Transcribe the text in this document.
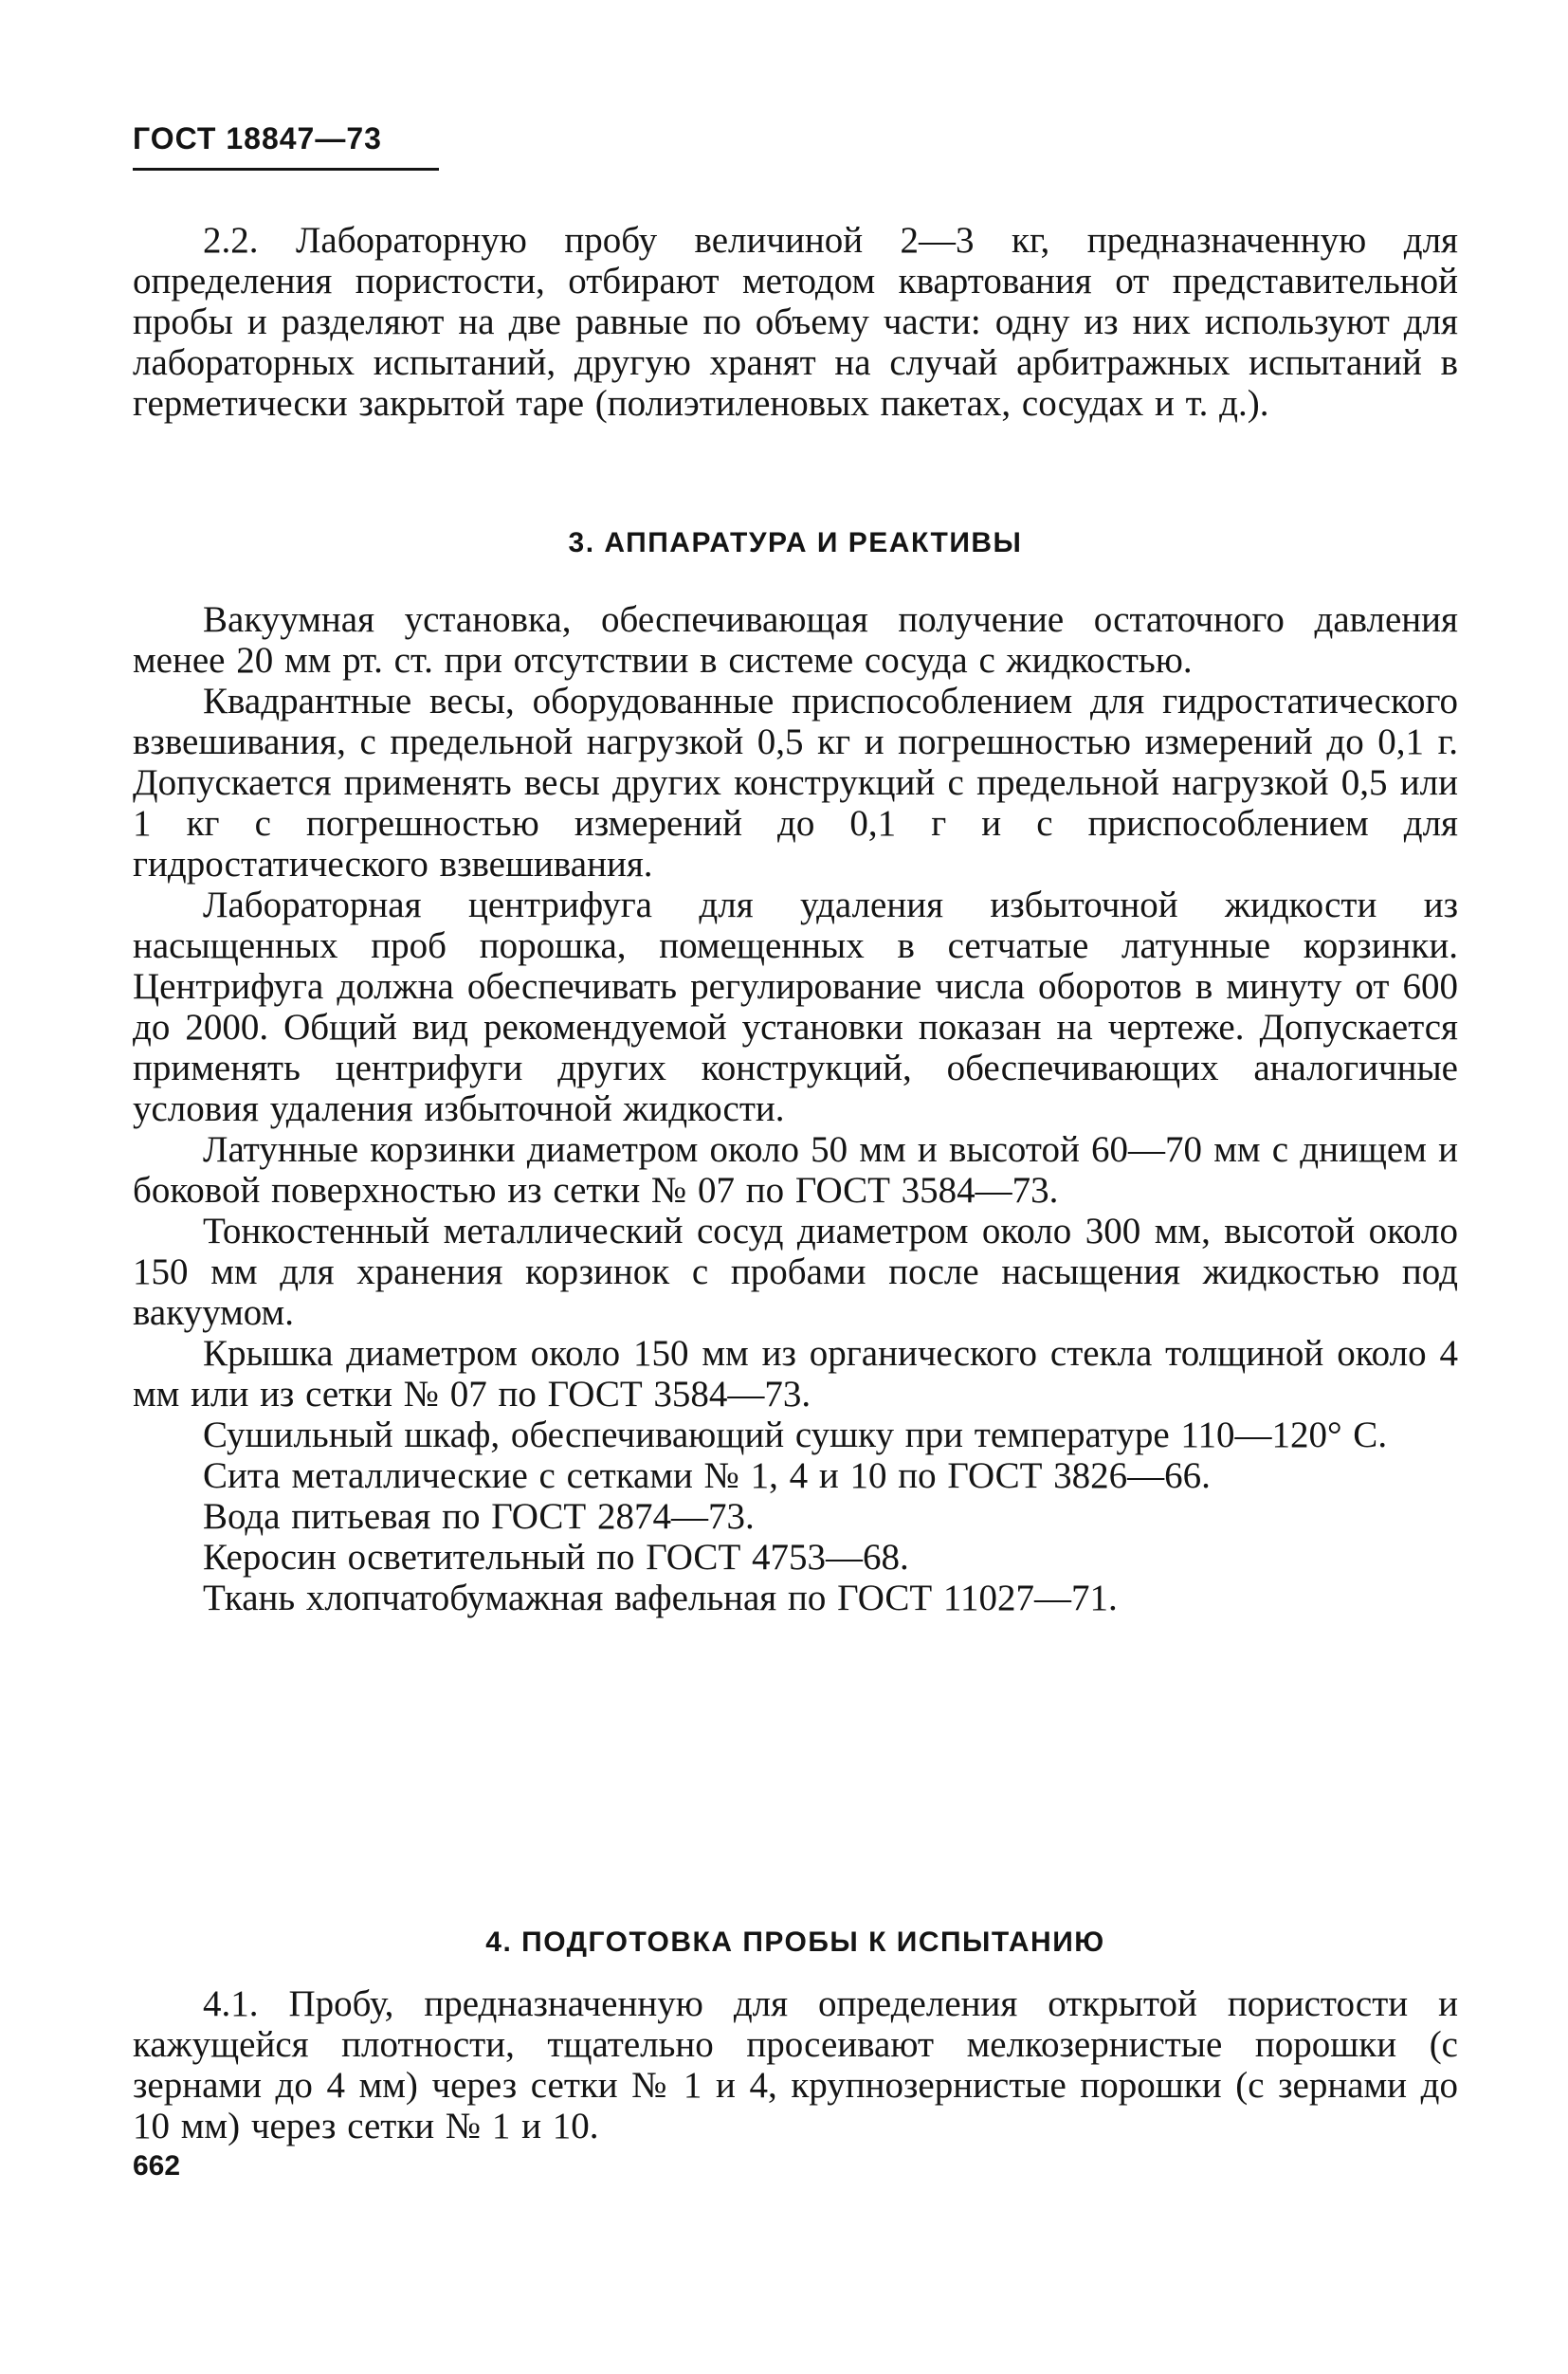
ГОСТ 18847—73

2.2. Лабораторную пробу величиной 2—3 кг, предназначенную для определения пористости, отбирают методом квартования от представительной пробы и разделяют на две равные по объему части: одну из них используют для лабораторных испытаний, другую хранят на случай арбитражных испытаний в герметически закрытой таре (полиэтиленовых пакетах, сосудах и т. д.).

3. АППАРАТУРА И РЕАКТИВЫ

Вакуумная установка, обеспечивающая получение остаточного давления менее 20 мм рт. ст. при отсутствии в системе сосуда с жидкостью.

Квадрантные весы, оборудованные приспособлением для гидростатического взвешивания, с предельной нагрузкой 0,5 кг и погрешностью измерений до 0,1 г. Допускается применять весы других конструкций с предельной нагрузкой 0,5 или 1 кг с погрешностью измерений до 0,1 г и с приспособлением для гидростатического взвешивания.

Лабораторная центрифуга для удаления избыточной жидкости из насыщенных проб порошка, помещенных в сетчатые латунные корзинки. Центрифуга должна обеспечивать регулирование числа оборотов в минуту от 600 до 2000. Общий вид рекомендуемой установки показан на чертеже. Допускается применять центрифуги других конструкций, обеспечивающих аналогичные условия удаления избыточной жидкости.

Латунные корзинки диаметром около 50 мм и высотой 60—70 мм с днищем и боковой поверхностью из сетки № 07 по ГОСТ 3584—73.

Тонкостенный металлический сосуд диаметром около 300 мм, высотой около 150 мм для хранения корзинок с пробами после насыщения жидкостью под вакуумом.

Крышка диаметром около 150 мм из органического стекла толщиной около 4 мм или из сетки № 07 по ГОСТ 3584—73.

Сушильный шкаф, обеспечивающий сушку при температуре 110—120° С.

Сита металлические с сетками № 1, 4 и 10 по ГОСТ 3826—66.

Вода питьевая по ГОСТ 2874—73.

Керосин осветительный по ГОСТ 4753—68.

Ткань хлопчатобумажная вафельная по ГОСТ 11027—71.

4. ПОДГОТОВКА ПРОБЫ К ИСПЫТАНИЮ

4.1. Пробу, предназначенную для определения открытой пористости и кажущейся плотности, тщательно просеивают мелкозернистые порошки (с зернами до 4 мм) через сетки № 1 и 4, крупнозернистые порошки (с зернами до 10 мм) через сетки № 1 и 10.

662
